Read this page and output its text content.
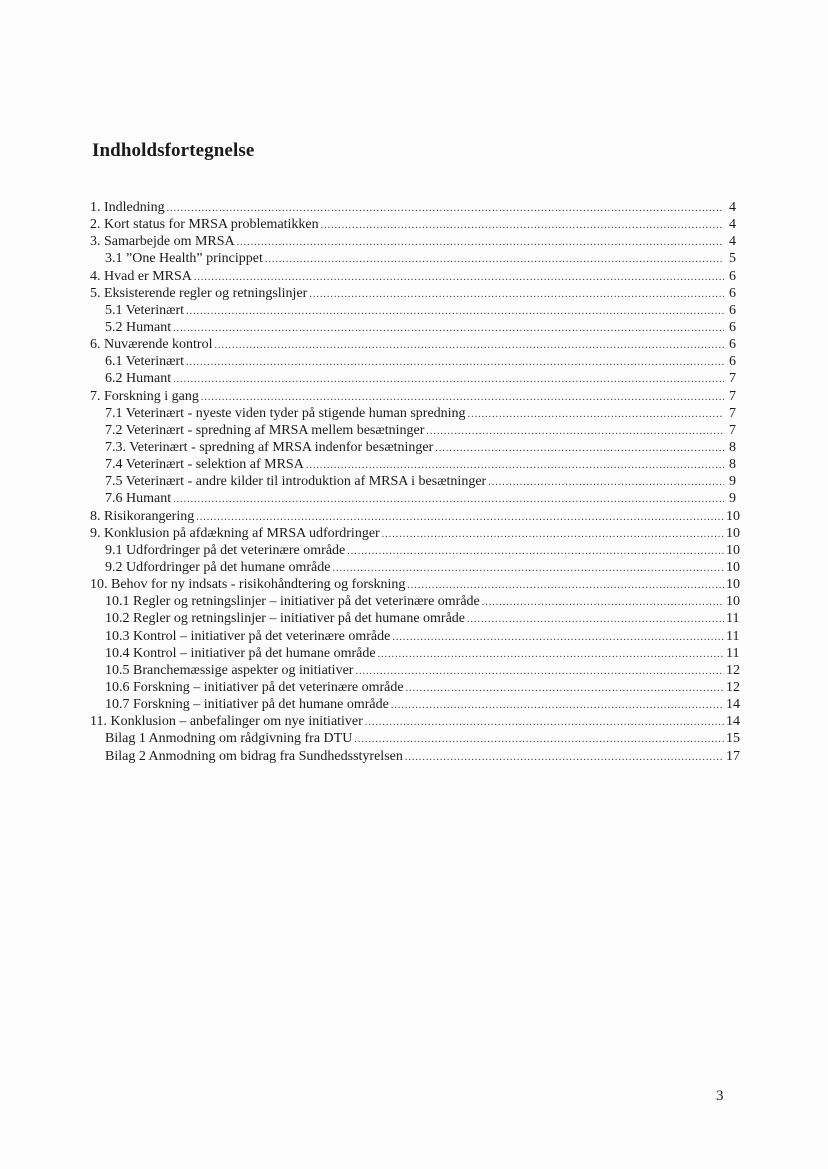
Indholdsfortegnelse
1. Indledning .....	4
2. Kort status for MRSA problematikken .....	4
3. Samarbejde om MRSA .....	4
3.1 ”One Health” princippet .....	5
4. Hvad er MRSA .....	6
5. Eksisterende regler og retningslinjer .....	6
5.1 Veterinært .....	6
5.2 Humant .....	6
6. Nuværende kontrol .....	6
6.1 Veterinært .....	6
6.2 Humant .....	7
7. Forskning i gang .....	7
7.1 Veterinært - nyeste viden tyder på stigende human spredning .....	7
7.2 Veterinært - spredning af MRSA mellem besætninger .....	7
7.3. Veterinært - spredning af MRSA indenfor besætninger .....	8
7.4 Veterinært - selektion af MRSA .....	8
7.5 Veterinært - andre kilder til introduktion af MRSA i besætninger .....	9
7.6 Humant .....	9
8. Risikorangering .....	10
9. Konklusion på afdækning af MRSA udfordringer .....	10
9.1 Udfordringer på det veterinære område .....	10
9.2 Udfordringer på det humane område .....	10
10. Behov for ny indsats - risikohåndtering og forskning .....	10
10.1 Regler og retningslinjer – initiativer på det veterinære område .....	10
10.2 Regler og retningslinjer – initiativer på det humane område .....	11
10.3 Kontrol – initiativer på det veterinære område .....	11
10.4 Kontrol – initiativer på det humane område .....	11
10.5 Branchemæssige aspekter og initiativer .....	12
10.6 Forskning – initiativer på det veterinære område .....	12
10.7 Forskning – initiativer på det humane område .....	14
11. Konklusion – anbefalinger om nye initiativer .....	14
Bilag 1 Anmodning om rådgivning fra DTU .....	15
Bilag 2 Anmodning om bidrag fra Sundhedsstyrelsen .....	17
3
